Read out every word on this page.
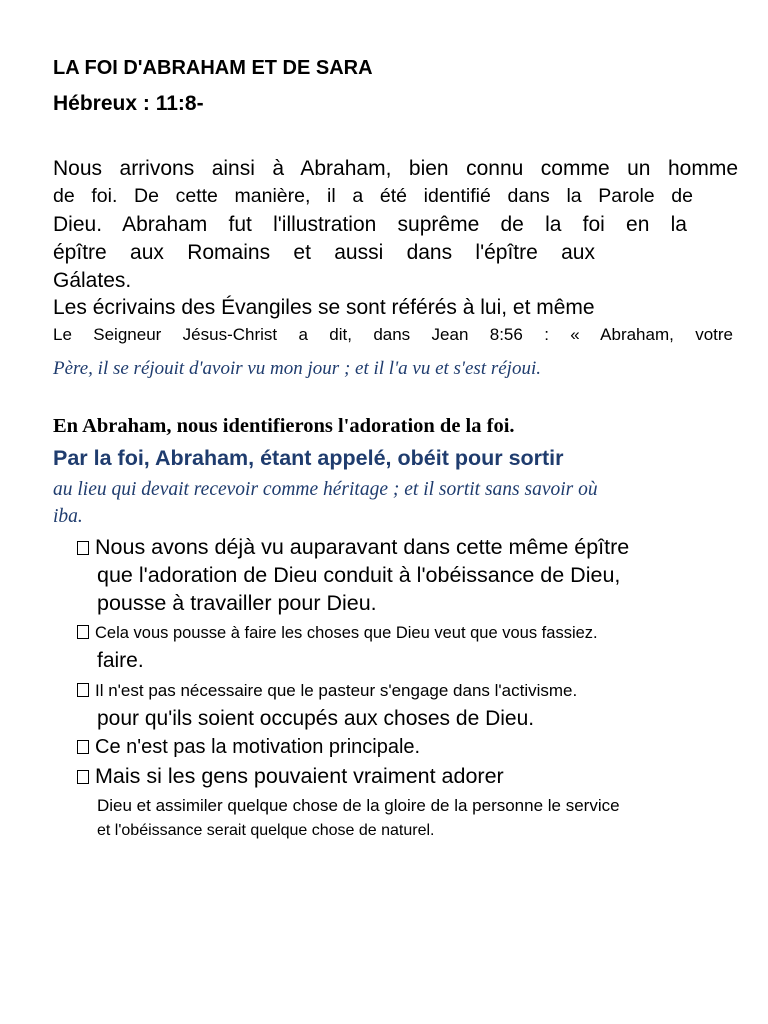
LA FOI D'ABRAHAM ET DE SARA
Hébreux : 11:8-
Nous arrivons ainsi à Abraham, bien connu comme un homme
de foi. De cette manière, il a été identifié dans la Parole de
Dieu. Abraham fut l'illustration suprême de la foi en la
épître aux Romains et aussi dans l'épître aux
Gálates.
Les écrivains des Évangiles se sont référés à lui, et même
Le Seigneur Jésus-Christ a dit, dans Jean 8:56 : « Abraham, votre
Père, il se réjouit d'avoir vu mon jour ; et il l'a vu et s'est réjoui.
En Abraham, nous identifierons l'adoration de la foi.
Par la foi, Abraham, étant appelé, obéit pour sortir
au lieu qui devait recevoir comme héritage ; et il sortit sans savoir où
iba.
Nous avons déjà vu auparavant dans cette même épître
que l'adoration de Dieu conduit à l'obéissance de Dieu,
pousse à travailler pour Dieu.
Cela vous pousse à faire les choses que Dieu veut que vous fassiez.
faire.
Il n'est pas nécessaire que le pasteur s'engage dans l'activisme.
pour qu'ils soient occupés aux choses de Dieu.
Ce n'est pas la motivation principale.
Mais si les gens pouvaient vraiment adorer
Dieu et assimiler quelque chose de la gloire de la personne le service
et l'obéissance serait quelque chose de naturel.
